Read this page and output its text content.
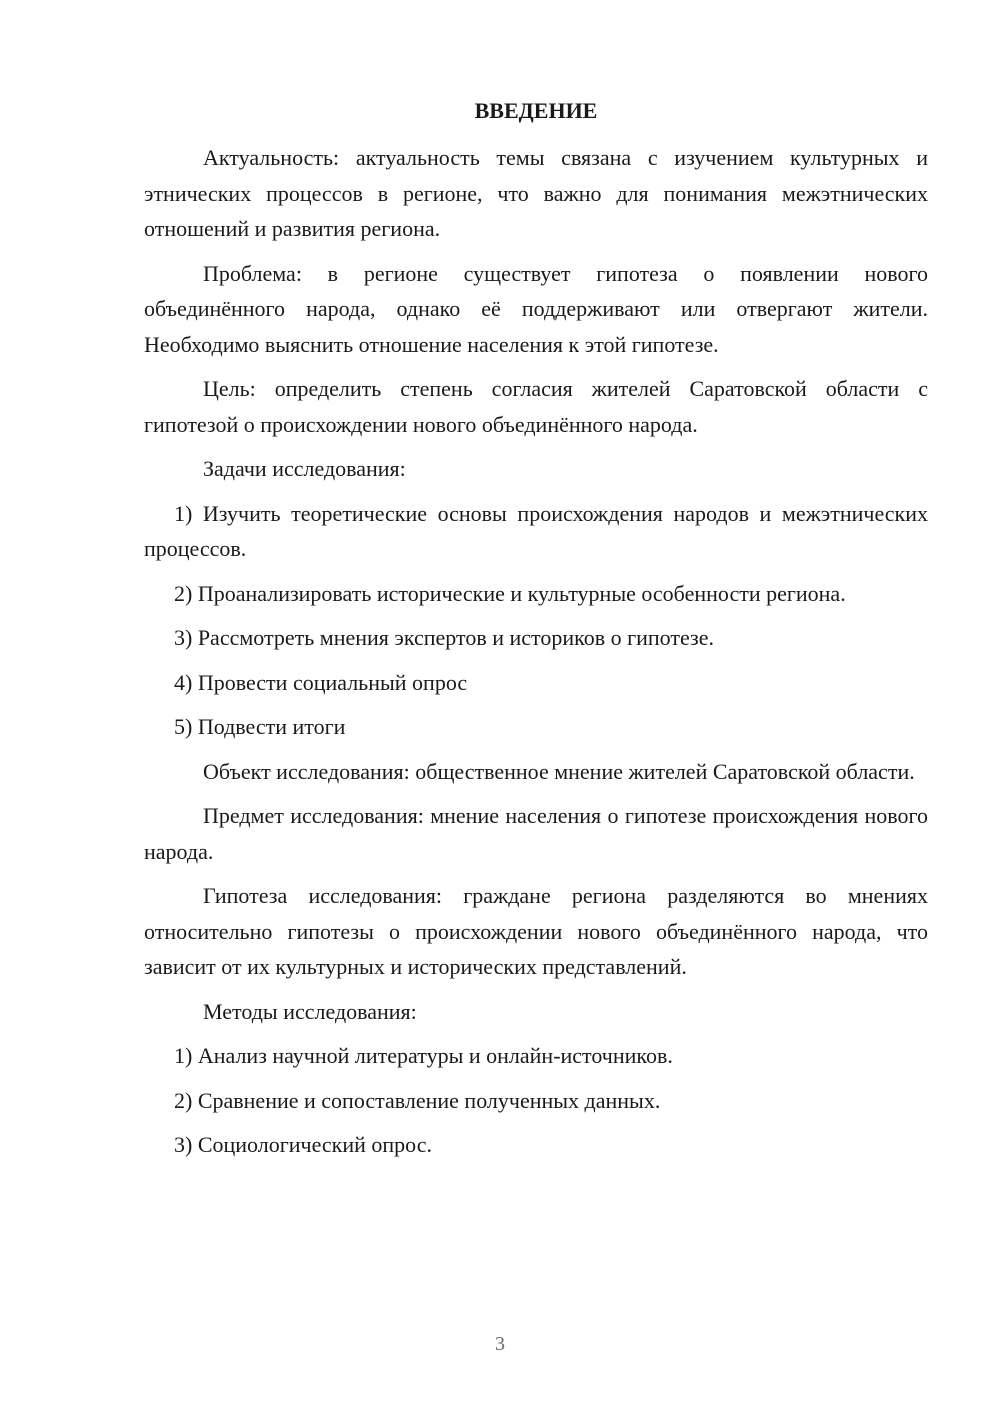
ВВЕДЕНИЕ

Актуальность: актуальность темы связана с изучением культурных и этнических процессов в регионе, что важно для понимания межэтнических отношений и развития региона.

Проблема: в регионе существует гипотеза о появлении нового объединённого народа, однако её поддерживают или отвергают жители. Необходимо выяснить отношение населения к этой гипотезе.

Цель: определить степень согласия жителей Саратовской области с гипотезой о происхождении нового объединённого народа.

Задачи исследования:

1) Изучить теоретические основы происхождения народов и межэтнических процессов.

2) Проанализировать исторические и культурные особенности региона.

3) Рассмотреть мнения экспертов и историков о гипотезе.

4) Провести социальный опрос

5) Подвести итоги

Объект исследования: общественное мнение жителей Саратовской области.

Предмет исследования: мнение населения о гипотезе происхождения нового народа.

Гипотеза исследования: граждане региона разделяются во мнениях относительно гипотезы о происхождении нового объединённого народа, что зависит от их культурных и исторических представлений.

Методы исследования:

1) Анализ научной литературы и онлайн-источников.

2) Сравнение и сопоставление полученных данных.

3) Социологический опрос.

3
